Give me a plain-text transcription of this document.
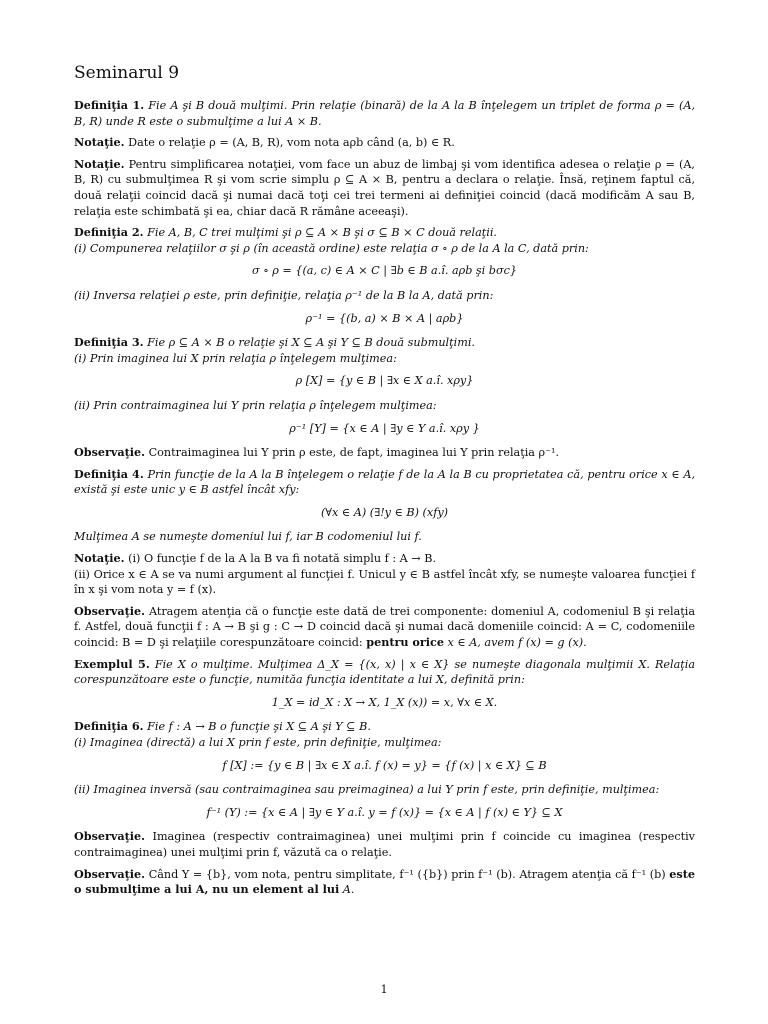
Seminarul 9

Definiţia 1. Fie A şi B două mulţimi. Prin relaţie (binară) de la A la B înţelegem un triplet de forma ρ = (A, B, R) unde R este o submulţime a lui A × B.

Notaţie. Date o relaţie ρ = (A, B, R), vom nota aρb când (a, b) ∈ R.

Notaţie. Pentru simplificarea notaţiei, vom face un abuz de limbaj şi vom identifica adesea o relaţie ρ = (A, B, R) cu submulţimea R şi vom scrie simplu ρ ⊆ A × B, pentru a declara o relaţie. Însă, reţinem faptul că, două relaţii coincid dacă şi numai dacă toţi cei trei termeni ai definiţiei coincid (dacă modificăm A sau B, relaţia este schimbată şi ea, chiar dacă R rămâne aceeaşi).

Definiţia 2. Fie A, B, C trei mulţimi şi ρ ⊆ A × B şi σ ⊆ B × C două relaţii.
(i) Compunerea relaţiilor σ şi ρ (în această ordine) este relaţia σ ∘ ρ de la A la C, dată prin:

σ ∘ ρ = {(a, c) ∈ A × C | ∃b ∈ B a.î. aρb şi bσc}

(ii) Inversa relaţiei ρ este, prin definiţie, relaţia ρ⁻¹ de la B la A, dată prin:

ρ⁻¹ = {(b, a) × B × A | aρb}

Definiţia 3. Fie ρ ⊆ A × B o relaţie şi X ⊆ A şi Y ⊆ B două submulţimi.
(i) Prin imaginea lui X prin relaţia ρ înţelegem mulţimea:

ρ [X] = {y ∈ B | ∃x ∈ X a.î. xρy}

(ii) Prin contraimaginea lui Y prin relaţia ρ înţelegem mulţimea:

ρ⁻¹ [Y] = {x ∈ A | ∃y ∈ Y a.î. xρy }

Observaţie. Contraimaginea lui Y prin ρ este, de fapt, imaginea lui Y prin relaţia ρ⁻¹.

Definiţia 4. Prin funcţie de la A la B înţelegem o relaţie f de la A la B cu proprietatea că, pentru orice x ∈ A, există şi este unic y ∈ B astfel încât xfy:

(∀x ∈ A) (∃!y ∈ B) (xfy)

Mulţimea A se numeşte domeniul lui f, iar B codomeniul lui f.

Notaţie. (i) O funcţie f de la A la B va fi notată simplu f : A → B.
(ii) Orice x ∈ A se va numi argument al funcţiei f. Unicul y ∈ B astfel încât xfy, se numeşte valoarea funcţiei f în x şi vom nota y = f (x).

Observaţie. Atragem atenţia că o funcţie este dată de trei componente: domeniul A, codomeniul B şi relaţia f. Astfel, două funcţii f : A → B şi g : C → D coincid dacă şi numai dacă domeniile coincid: A = C, codomeniile coincid: B = D şi relaţiile corespunzătoare coincid: pentru orice x ∈ A, avem f (x) = g (x).

Exemplul 5. Fie X o mulţime. Mulţimea Δ_X = {(x, x) | x ∈ X} se numeşte diagonala mulţimii X. Relaţia corespunzătoare este o funcţie, numităa funcţia identitate a lui X, definită prin:

1_X = id_X : X → X, 1_X (x)) = x, ∀x ∈ X.

Definiţia 6. Fie f : A → B o funcţie şi X ⊆ A şi Y ⊆ B.
(i) Imaginea (directă) a lui X prin f este, prin definiţie, mulţimea:

f [X] := {y ∈ B | ∃x ∈ X a.î. f (x) = y} = {f (x) | x ∈ X} ⊆ B

(ii) Imaginea inversă (sau contraimaginea sau preimaginea) a lui Y prin f este, prin definiţie, mulţimea:

f⁻¹ (Y) := {x ∈ A | ∃y ∈ Y a.î. y = f (x)} = {x ∈ A | f (x) ∈ Y} ⊆ X

Observaţie. Imaginea (respectiv contraimaginea) unei mulţimi prin f coincide cu imaginea (respectiv contraimaginea) unei mulţimi prin f, văzută ca o relaţie.

Observaţie. Când Y = {b}, vom nota, pentru simplitate, f⁻¹ ({b}) prin f⁻¹ (b). Atragem atenţia că f⁻¹ (b) este o submulţime a lui A, nu un element al lui A.

1
